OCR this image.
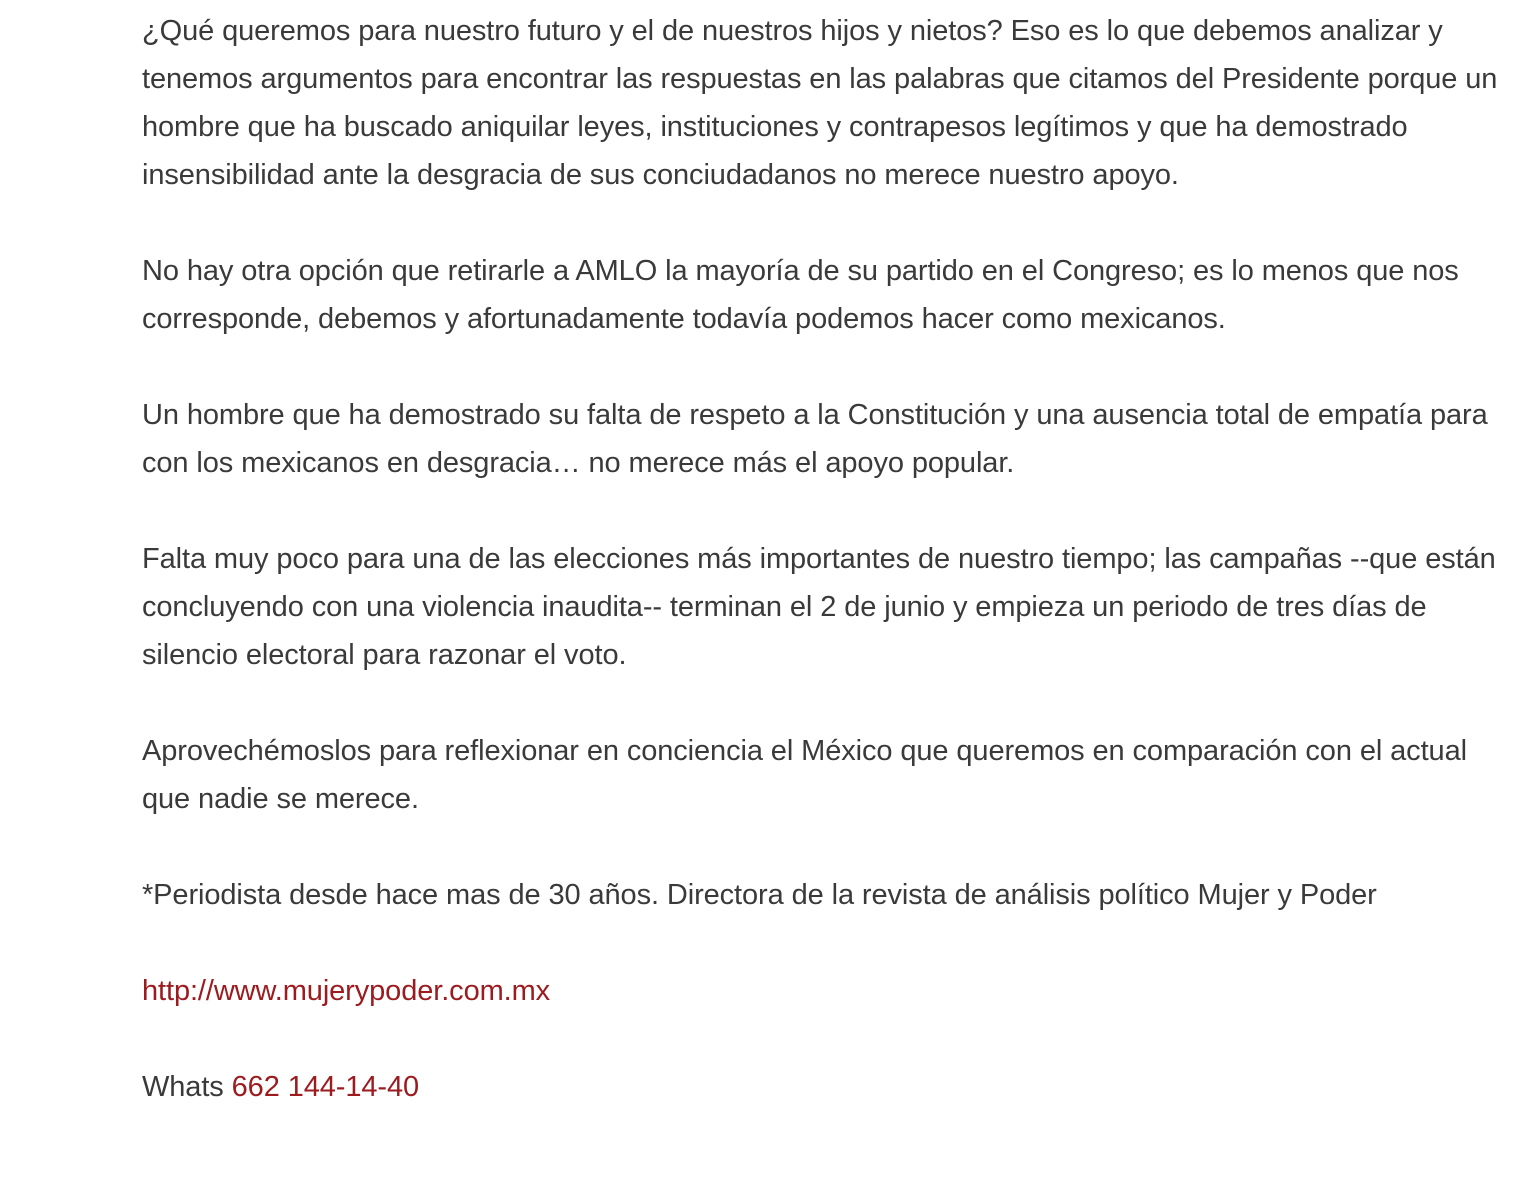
¿Qué queremos para nuestro futuro y el de nuestros hijos y nietos? Eso es lo que debemos analizar y tenemos argumentos para encontrar las respuestas en las palabras que citamos del Presidente porque un hombre que ha buscado aniquilar leyes, instituciones y contrapesos legítimos y que ha demostrado insensibilidad ante la desgracia de sus conciudadanos no merece nuestro apoyo.

No hay otra opción que retirarle a AMLO la mayoría de su partido en el Congreso; es lo menos que nos corresponde, debemos y afortunadamente todavía podemos hacer como mexicanos.

Un hombre que ha demostrado su falta de respeto a la Constitución y una ausencia total de empatía para con los mexicanos en desgracia… no merece más el apoyo popular.

Falta muy poco para una de las elecciones más importantes de nuestro tiempo; las campañas --que están concluyendo con una violencia inaudita-- terminan el 2 de junio y empieza un periodo de tres días de silencio electoral para razonar el voto.

Aprovechémoslos para reflexionar en conciencia el México que queremos en comparación con el actual que nadie se merece.

*Periodista desde hace mas de 30 años. Directora de la revista de análisis político Mujer y Poder

http://www.mujerypoder.com.mx

Whats 662 144-14-40
